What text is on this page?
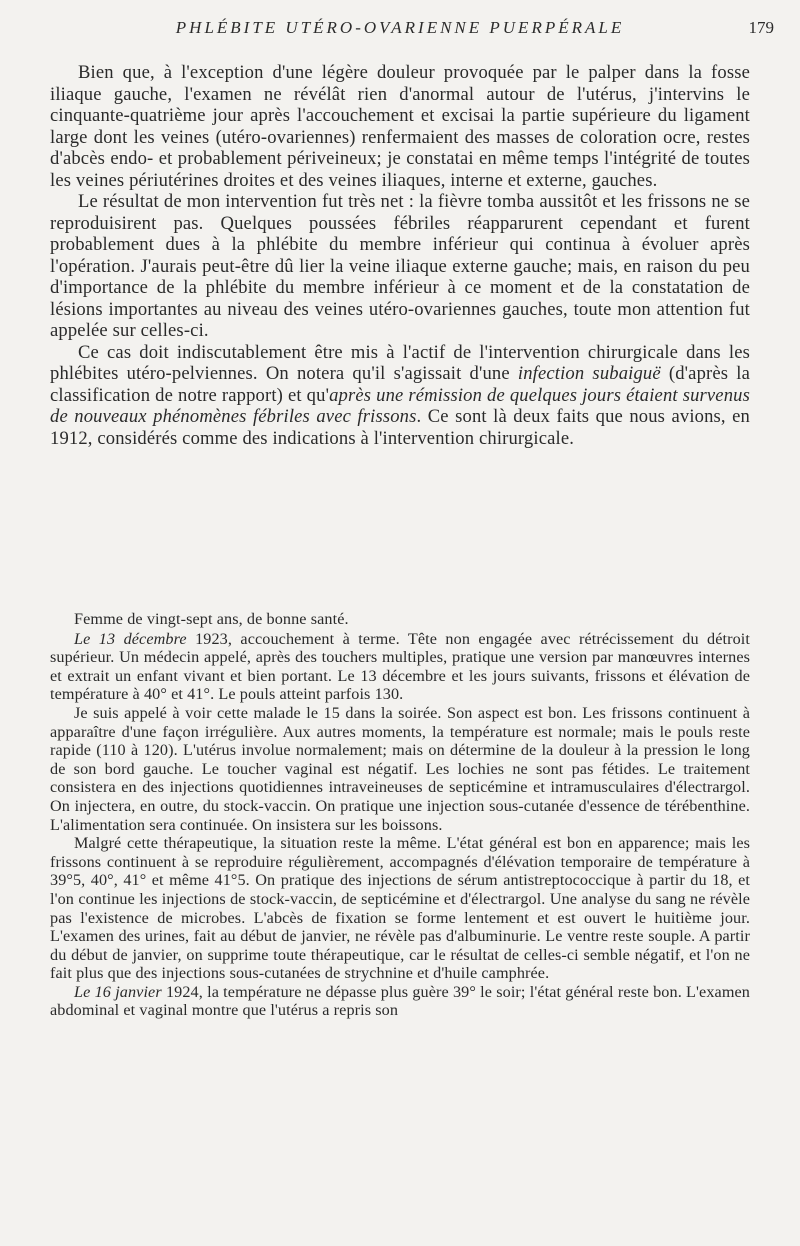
PHLÉBITE UTÉRO-OVARIENNE PUERPÉRALE	179

Bien que, à l'exception d'une légère douleur provoquée par le palper dans la fosse iliaque gauche, l'examen ne révélât rien d'anormal autour de l'utérus, j'intervins le cinquante-quatrième jour après l'accouchement et excisai la partie supérieure du ligament large dont les veines (utéro-ovariennes) renfermaient des masses de coloration ocre, restes d'abcès endo- et probablement périveineux; je constatai en même temps l'intégrité de toutes les veines périutérines droites et des veines iliaques, interne et externe, gauches.

Le résultat de mon intervention fut très net : la fièvre tomba aussitôt et les frissons ne se reproduisirent pas. Quelques poussées fébriles réapparurent cependant et furent probablement dues à la phlébite du membre inférieur qui continua à évoluer après l'opération. J'aurais peut-être dû lier la veine iliaque externe gauche; mais, en raison du peu d'importance de la phlébite du membre inférieur à ce moment et de la constatation de lésions importantes au niveau des veines utéro-ovariennes gauches, toute mon attention fut appelée sur celles-ci.

Ce cas doit indiscutablement être mis à l'actif de l'intervention chirurgicale dans les phlébites utéro-pelviennes. On notera qu'il s'agissait d'une infection subaiguë (d'après la classification de notre rapport) et qu'après une rémission de quelques jours étaient survenus de nouveaux phénomènes fébriles avec frissons. Ce sont là deux faits que nous avions, en 1912, considérés comme des indications à l'intervention chirurgicale.

Femme de vingt-sept ans, de bonne santé.

Le 13 décembre 1923, accouchement à terme. Tête non engagée avec rétrécissement du détroit supérieur. Un médecin appelé, après des touchers multiples, pratique une version par manœuvres internes et extrait un enfant vivant et bien portant. Le 13 décembre et les jours suivants, frissons et élévation de température à 40° et 41°. Le pouls atteint parfois 130.

Je suis appelé à voir cette malade le 15 dans la soirée. Son aspect est bon. Les frissons continuent à apparaître d'une façon irrégulière. Aux autres moments, la température est normale; mais le pouls reste rapide (110 à 120). L'utérus involue normalement; mais on détermine de la douleur à la pression le long de son bord gauche. Le toucher vaginal est négatif. Les lochies ne sont pas fétides. Le traitement consistera en des injections quotidiennes intraveineuses de septicémine et intramusculaires d'électrargol. On injectera, en outre, du stock-vaccin. On pratique une injection sous-cutanée d'essence de térébenthine. L'alimentation sera continuée. On insistera sur les boissons.

Malgré cette thérapeutique, la situation reste la même. L'état général est bon en apparence; mais les frissons continuent à se reproduire régulièrement, accompagnés d'élévation temporaire de température à 39°5, 40°, 41° et même 41°5. On pratique des injections de sérum antistreptococcique à partir du 18, et l'on continue les injections de stock-vaccin, de septicémine et d'électrargol. Une analyse du sang ne révèle pas l'existence de microbes. L'abcès de fixation se forme lentement et est ouvert le huitième jour. L'examen des urines, fait au début de janvier, ne révèle pas d'albuminurie. Le ventre reste souple. A partir du début de janvier, on supprime toute thérapeutique, car le résultat de celles-ci semble négatif, et l'on ne fait plus que des injections sous-cutanées de strychnine et d'huile camphrée.

Le 16 janvier 1924, la température ne dépasse plus guère 39° le soir; l'état général reste bon. L'examen abdominal et vaginal montre que l'utérus a repris son
